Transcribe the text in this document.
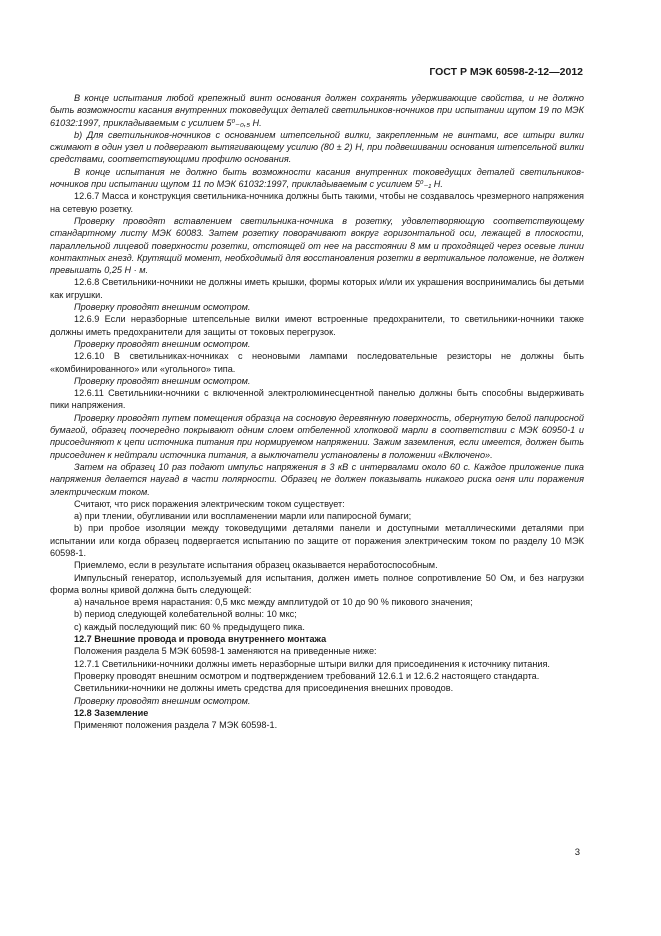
ГОСТ Р МЭК 60598-2-12—2012

В конце испытания любой крепежный винт основания должен сохранять удерживающие свойства, и не должно быть возможности касания внутренних токоведущих деталей светильников-ночников при испытании щупом 19 по МЭК 61032:1997, прикладываемым с усилием 5⁰₋₀,₅ Н.

b) Для светильников-ночников с основанием штепсельной вилки, закрепленным не винтами, все штыри вилки сжимают в один узел и подвергают вытягивающему усилию (80 ± 2) Н, при подвешивании основания штепсельной вилки средствами, соответствующими профилю основания.

В конце испытания не должно быть возможности касания внутренних токоведущих деталей светильников-ночников при испытании щупом 11 по МЭК 61032:1997, прикладываемым с усилием 5⁰₋₁ Н.

12.6.7 Масса и конструкция светильника-ночника должны быть такими, чтобы не создавалось чрезмерного напряжения на сетевую розетку.

Проверку проводят вставлением светильника-ночника в розетку, удовлетворяющую соответствующему стандартному листу МЭК 60083. Затем розетку поворачивают вокруг горизонтальной оси, лежащей в плоскости, параллельной лицевой поверхности розетки, отстоящей от нее на расстоянии 8 мм и проходящей через осевые линии контактных гнезд. Крутящий момент, необходимый для восстановления розетки в вертикальное положение, не должен превышать 0,25 Н · м.

12.6.8 Светильники-ночники не должны иметь крышки, формы которых и/или их украшения воспринимались бы детьми как игрушки.

Проверку проводят внешним осмотром.

12.6.9 Если неразборные штепсельные вилки имеют встроенные предохранители, то светильники-ночники также должны иметь предохранители для защиты от токовых перегрузок.

Проверку проводят внешним осмотром.

12.6.10 В светильниках-ночниках с неоновыми лампами последовательные резисторы не должны быть «комбинированного» или «угольного» типа.

Проверку проводят внешним осмотром.

12.6.11 Светильники-ночники с включенной электролюминесцентной панелью должны быть способны выдерживать пики напряжения.

Проверку проводят путем помещения образца на сосновую деревянную поверхность, обернутую белой папиросной бумагой, образец поочередно покрывают одним слоем отбеленной хлопковой марли в соответствии с МЭК 60950-1 и присоединяют к цепи источника питания при нормируемом напряжении. Зажим заземления, если имеется, должен быть присоединен к нейтрали источника питания, а выключатели установлены в положении «Включено».

Затем на образец 10 раз подают импульс напряжения в 3 кВ с интервалами около 60 с. Каждое приложение пика напряжения делается наугад в части полярности. Образец не должен показывать никакого риска огня или поражения электрическим током.

Считают, что риск поражения электрическим током существует:

a) при тлении, обугливании или воспламенении марли или папиросной бумаги;

b) при пробое изоляции между токоведущими деталями панели и доступными металлическими деталями при испытании или когда образец подвергается испытанию по защите от поражения электрическим током по разделу 10 МЭК 60598-1.

Приемлемо, если в результате испытания образец оказывается неработоспособным.

Импульсный генератор, используемый для испытания, должен иметь полное сопротивление 50 Ом, и без нагрузки форма волны кривой должна быть следующей:

a) начальное время нарастания: 0,5 мкс между амплитудой от 10 до 90 % пикового значения;

b) период следующей колебательной волны: 10 мкс;

c) каждый последующий пик: 60 % предыдущего пика.

12.7 Внешние провода и провода внутреннего монтажа

Положения раздела 5 МЭК 60598-1 заменяются на приведенные ниже:

12.7.1 Светильники-ночники должны иметь неразборные штыри вилки для присоединения к источнику питания.

Проверку проводят внешним осмотром и подтверждением требований 12.6.1 и 12.6.2 настоящего стандарта.

Светильники-ночники не должны иметь средства для присоединения внешних проводов.

Проверку проводят внешним осмотром.

12.8 Заземление

Применяют положения раздела 7 МЭК 60598-1.

3
